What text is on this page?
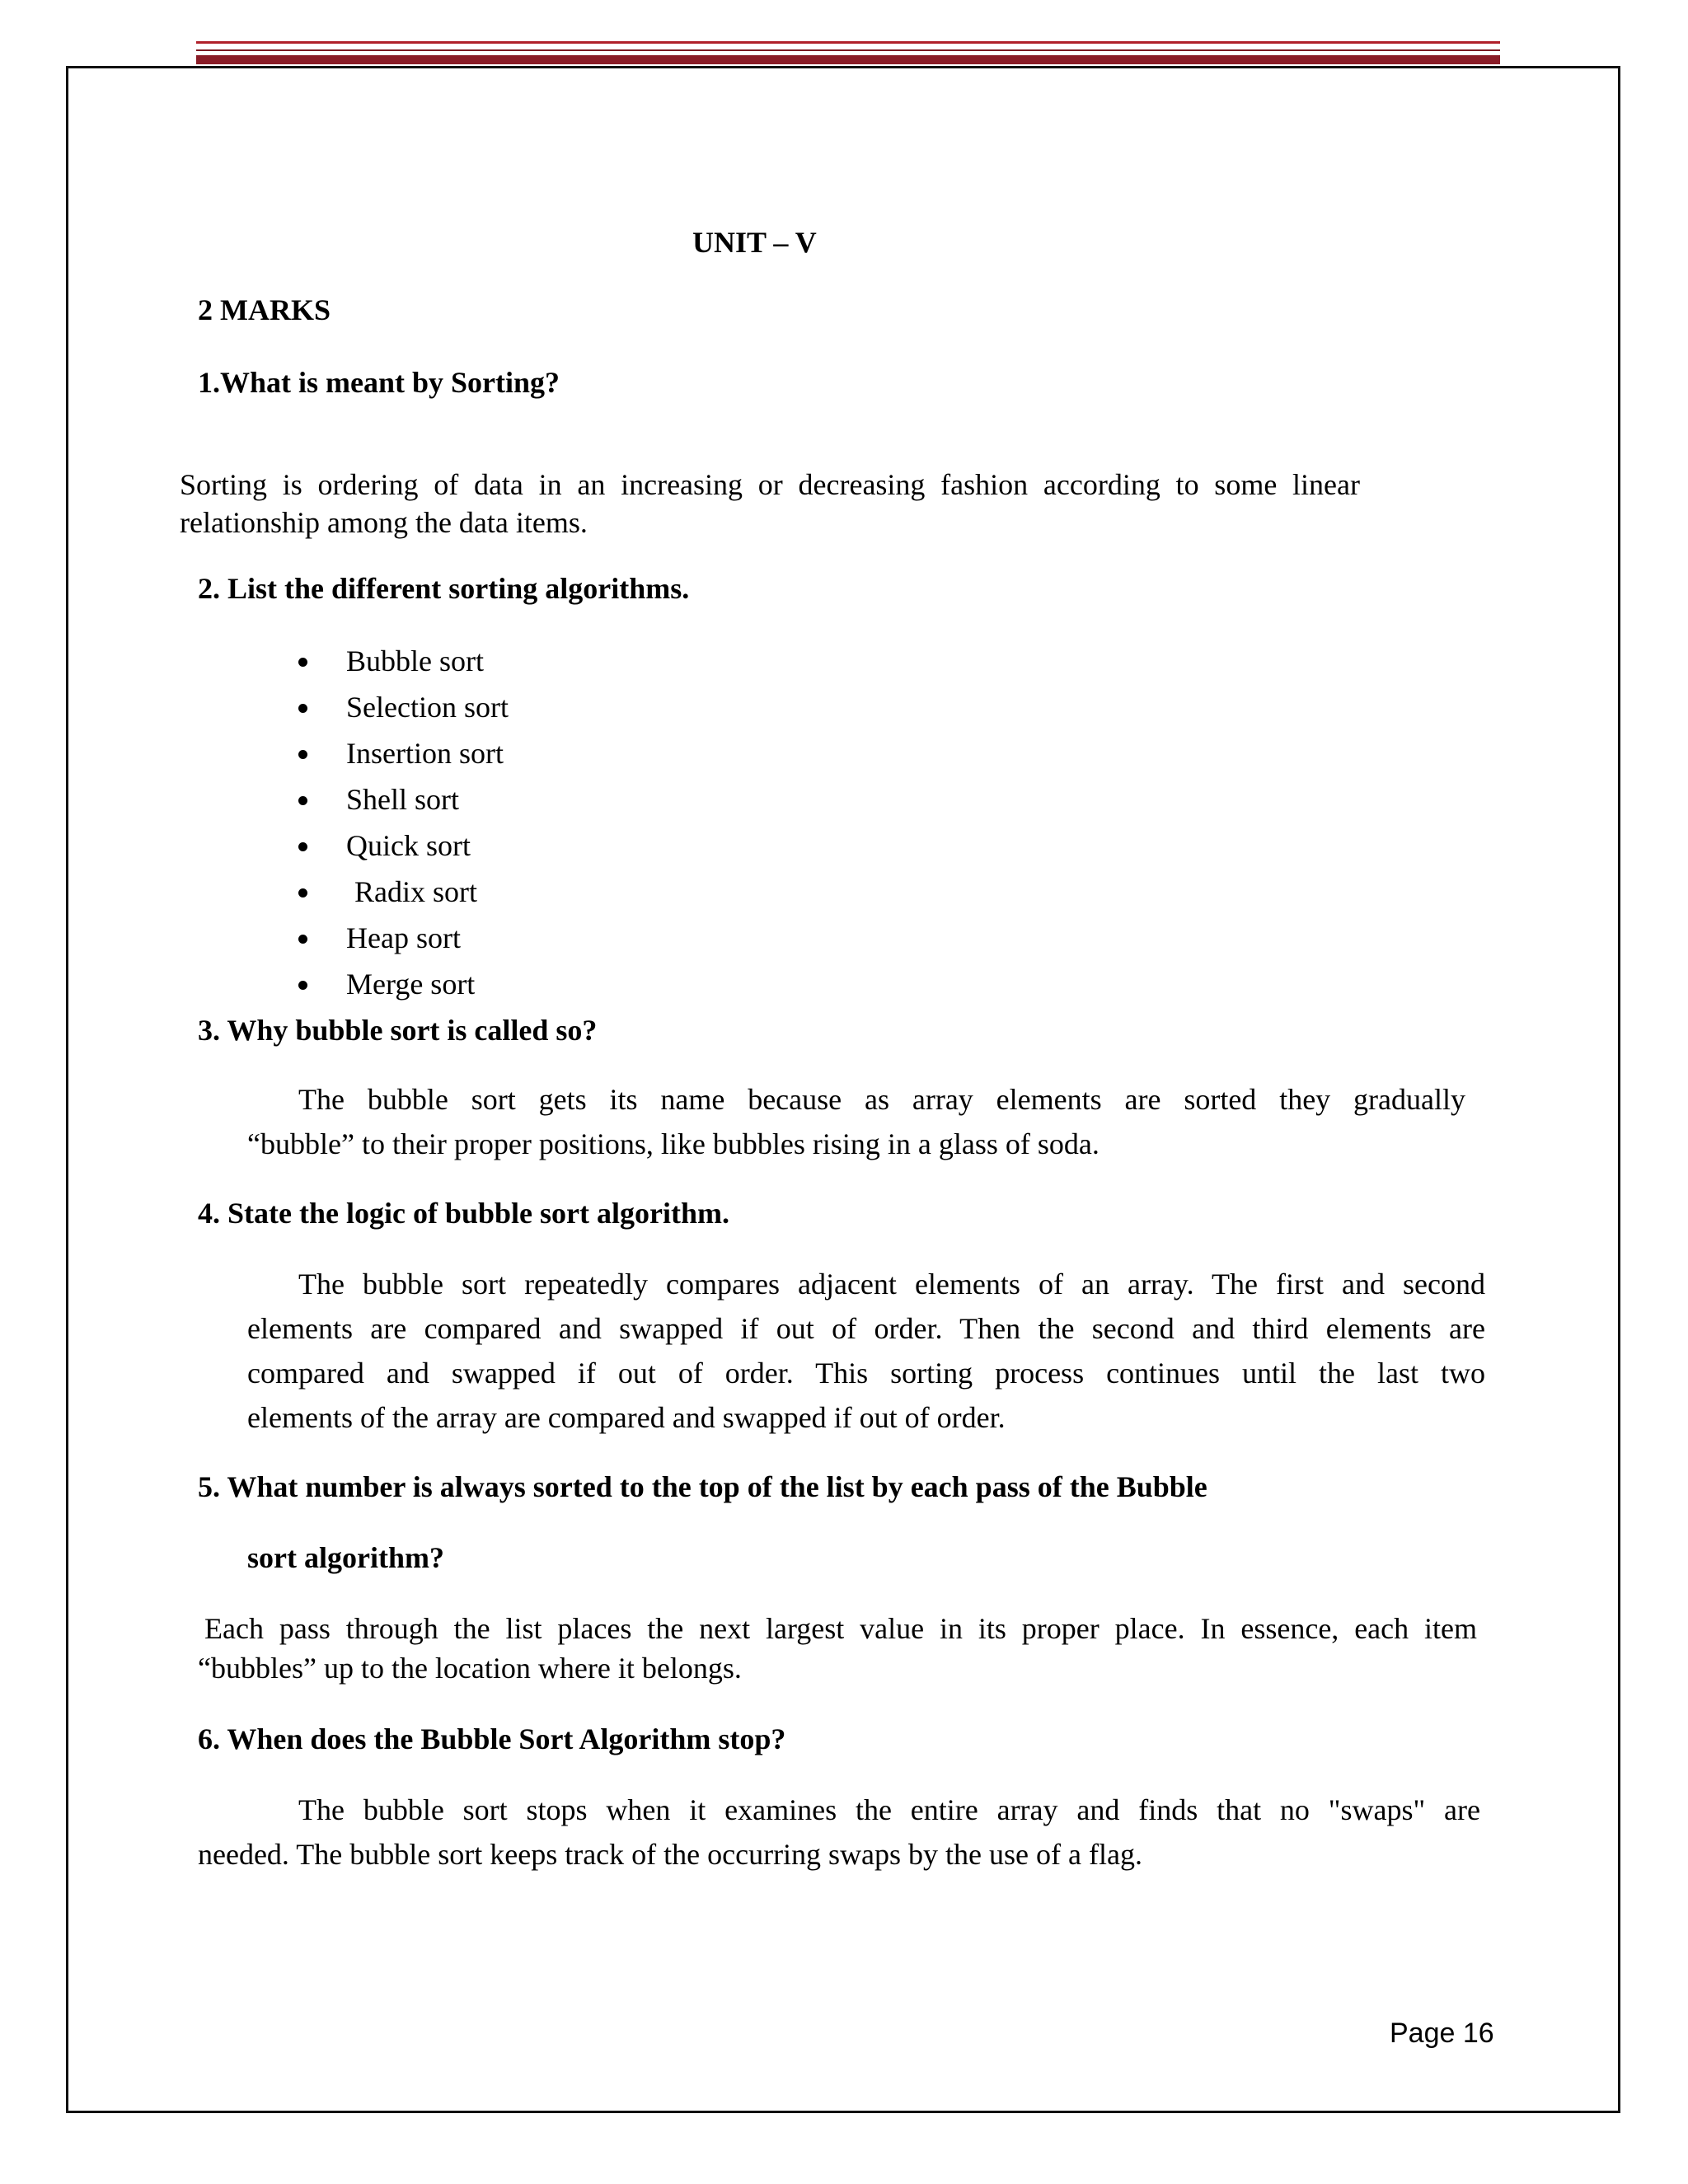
UNIT – V
2 MARKS
1.What is meant by Sorting?
Sorting is ordering of data in an increasing or decreasing fashion according to some linear
relationship among the data items.
2. List the different sorting algorithms.
Bubble sort
Selection sort
Insertion sort
Shell sort
Quick sort
Radix sort
Heap sort
Merge sort
3. Why bubble sort is called so?
The bubble sort gets its name because as array elements are sorted they gradually
“bubble” to their proper positions, like bubbles rising in a glass of soda.
4. State the logic of bubble sort algorithm.
The bubble sort repeatedly compares adjacent elements of an array. The first and second
elements are compared and swapped if out of order. Then the second and third elements are
compared and swapped if out of order. This sorting process continues until the last two
elements of the array are compared and swapped if out of order.
5. What number is always sorted to the top of the list by each pass of the Bubble
sort algorithm?
Each pass through the list places the next largest value in its proper place. In essence, each item
“bubbles” up to the location where it belongs.
6. When does the Bubble Sort Algorithm stop?
The bubble sort stops when it examines the entire array and finds that no "swaps" are
needed. The bubble sort keeps track of the occurring swaps by the use of a flag.
Page 16
